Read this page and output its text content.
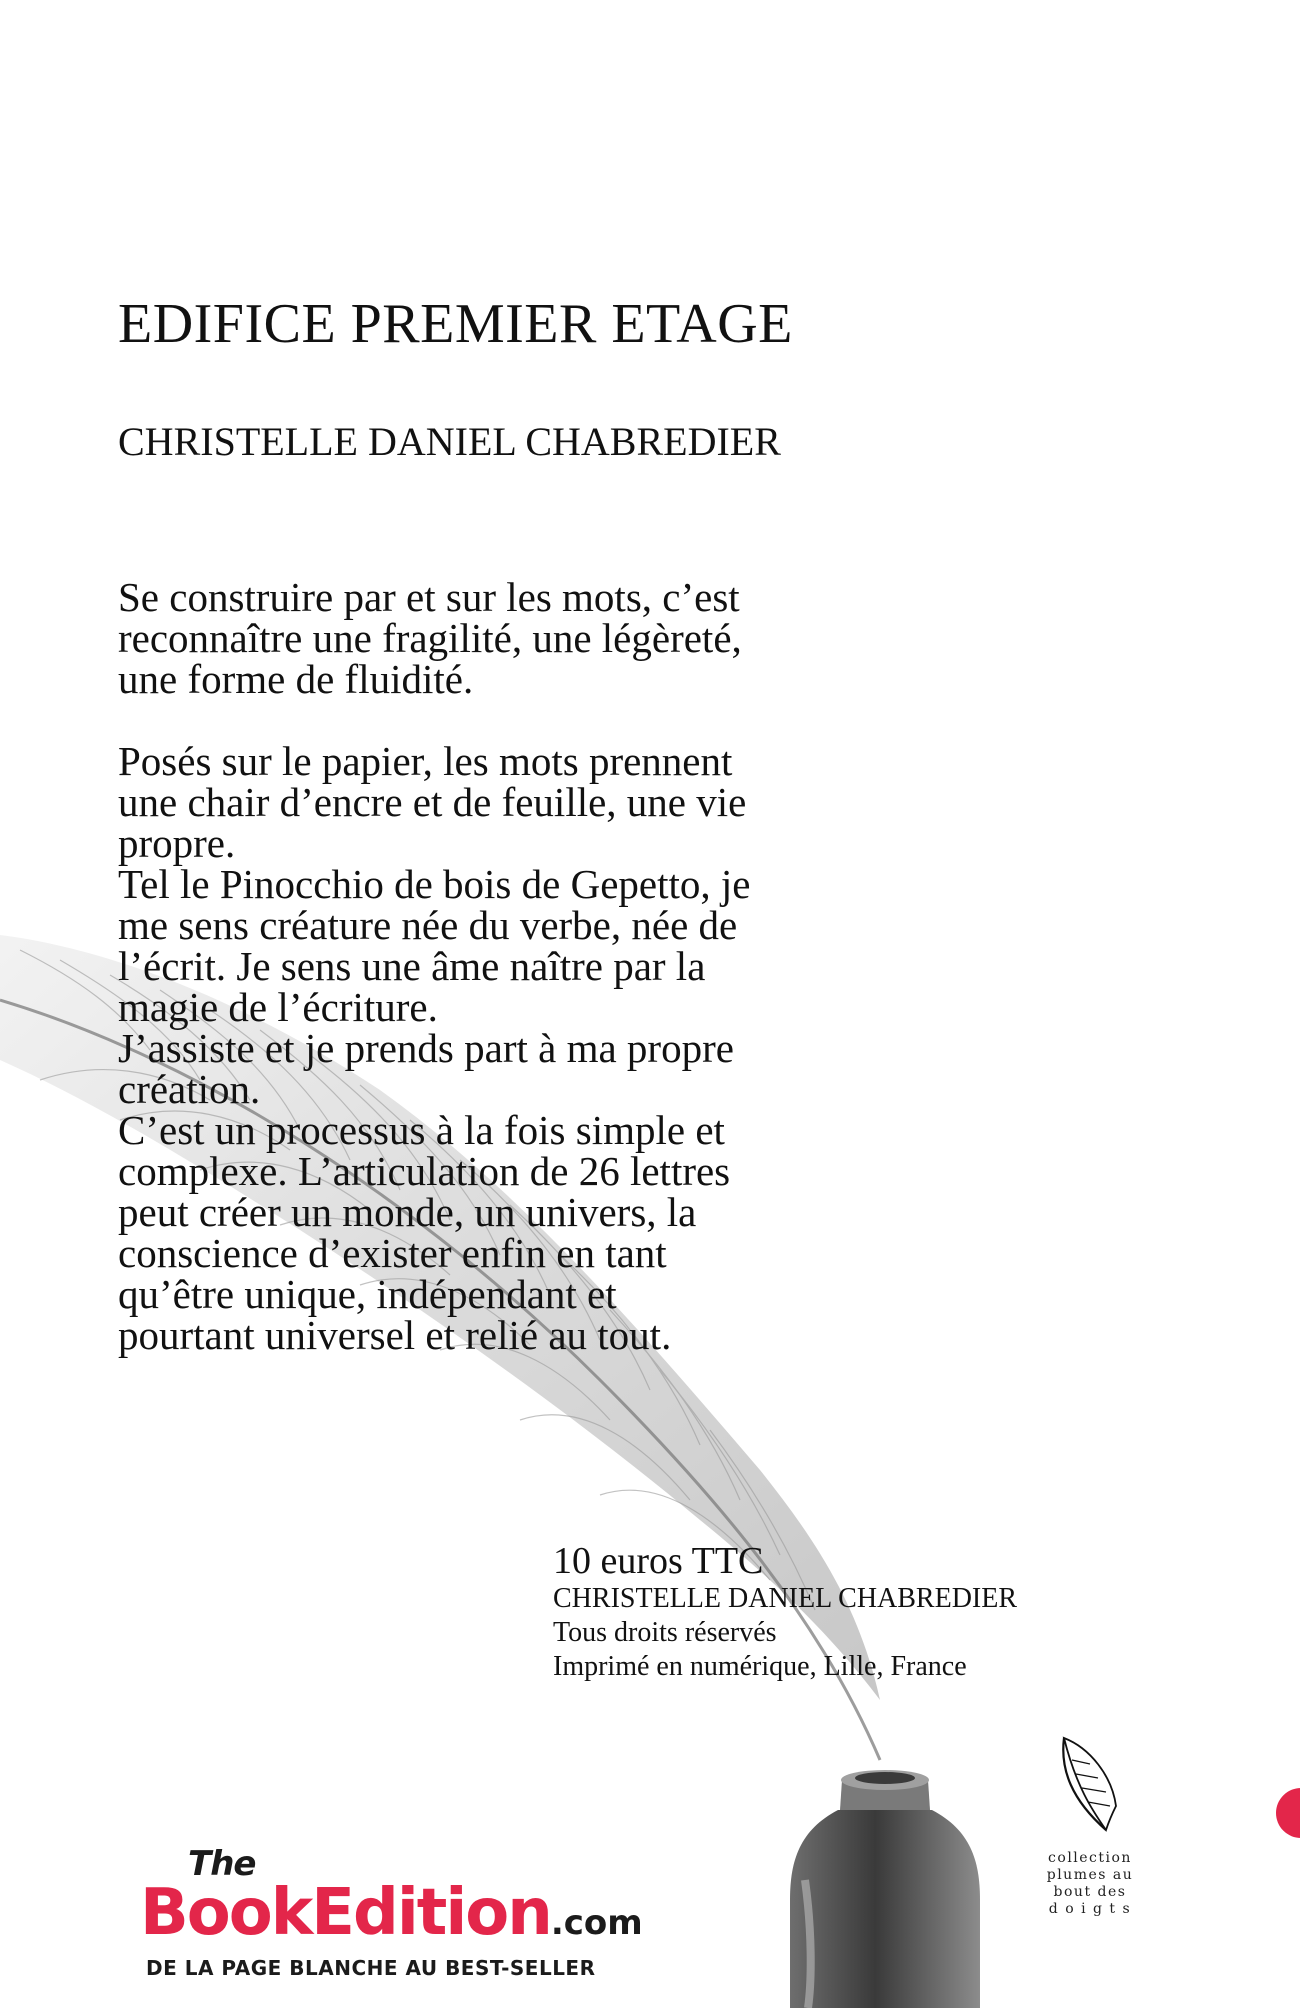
EDIFICE PREMIER ETAGE
CHRISTELLE DANIEL CHABREDIER

Se construire par et sur les mots, c’est
reconnaître une fragilité, une légèreté,
une forme de fluidité.

Posés sur le papier, les mots prennent
une chair d’encre et de feuille, une vie
propre.
Tel le Pinocchio de bois de Gepetto, je
me sens créature née du verbe, née de
l’écrit. Je sens une âme naître par la
magie de l’écriture.
J’assiste et je prends part à ma propre
création.
C’est un processus à la fois simple et
complexe. L’articulation de 26 lettres
peut créer un monde, un univers, la
conscience d’exister enfin en tant
qu’être unique, indépendant et
pourtant universel et relié au tout.

10 euros TTC
CHRISTELLE DANIEL CHABREDIER
Tous droits réservés
Imprimé en numérique, Lille, France
The
BookEdition.com
DE LA PAGE BLANCHE AU BEST-SELLER
collection
plumes au
bout des
d o i g t s
